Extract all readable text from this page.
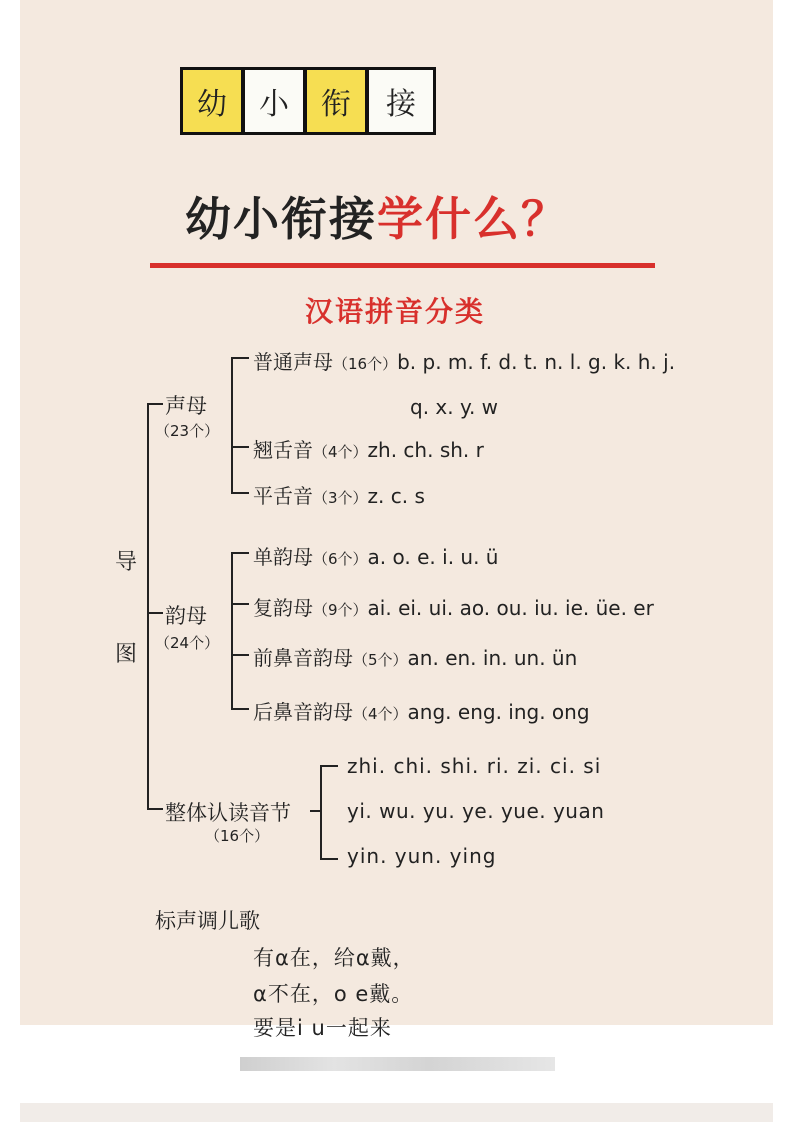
幼	小	衔	接
幼小衔接学什么？
汉语拼音分类
导
图
声母
（23个）
普通声母（16个）b. p. m. f. d. t. n. l. g. k. h. j.
q. x. y. w
翘舌音（4个）zh. ch. sh. r
平舌音（3个）z. c. s
韵母
（24个）
单韵母（6个）a. o. e. i. u. ü
复韵母（9个）ai. ei. ui. ao. ou. iu. ie. üe. er
前鼻音韵母（5个）an. en. in. un. ün
后鼻音韵母（4个）ang. eng. ing. ong
整体认读音节
（16个）
zhi. chi. shi. ri. zi. ci. si
yi. wu. yu. ye. yue. yuan
yin. yun. ying
标声调儿歌
有α在，给α戴，
α不在，o e戴。
要是i u一起来
